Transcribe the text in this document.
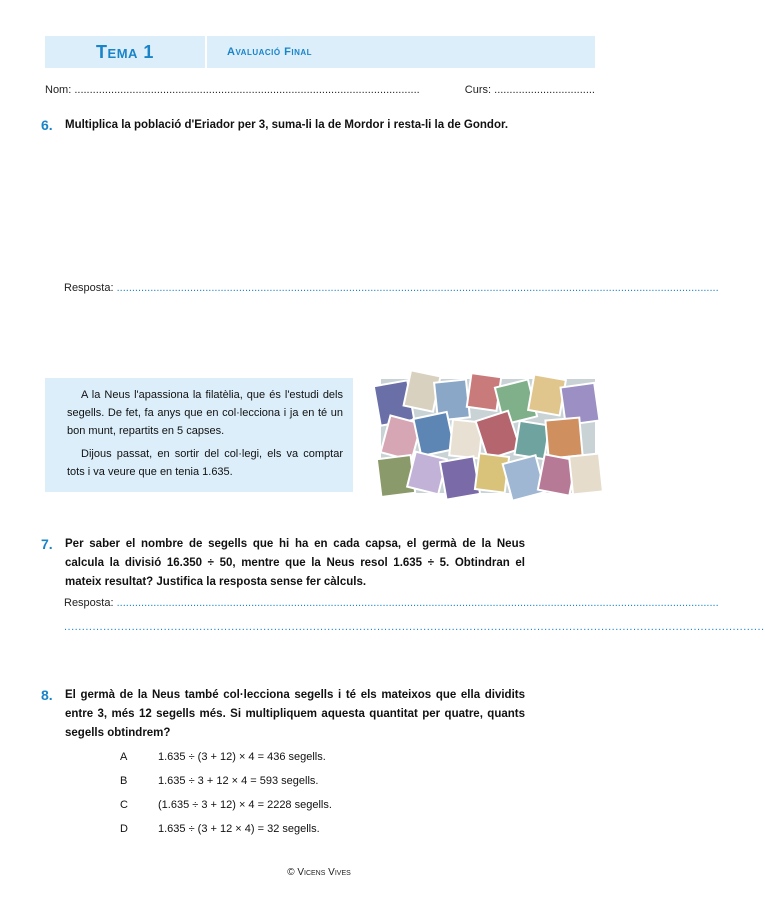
Tema 1	Avaluació Final
Nom: .................................................................................................................	Curs: .................................
6.	Multiplica la població d'Eriador per 3, suma-li la de Mordor i resta-li la de Gondor.
Resposta: .....................................................................................................................................................................................................

A la Neus l'apassiona la filatèlia, que és l'estudi dels segells. De fet, fa anys que en col·lecciona i ja en té un bon munt, repartits en 5 capses.

Dijous passat, en sortir del col·legi, els va comptar tots i va veure que en tenia 1.635.

7.	Per saber el nombre de segells que hi ha en cada capsa, el germà de la Neus calcula la divisió 16.350 ÷ 50, mentre que la Neus resol 1.635 ÷ 5. Obtindran el mateix resultat? Justifica la resposta sense fer càlculs.
Resposta: .....................................................................................................................................................................................................
.....................................................................................................................................................................................................
8.	El germà de la Neus també col·lecciona segells i té els mateixos que ella dividits entre 3, més 12 segells més. Si multipliquem aquesta quantitat per quatre, quants segells obtindrem?
A	1.635 ÷ (3 + 12) × 4 = 436 segells.
B	1.635 ÷ 3 + 12 × 4 = 593 segells.
C	(1.635 ÷ 3 + 12) × 4 = 2228 segells.
D	1.635 ÷ (3 + 12 × 4) = 32 segells.
© Vicens Vives
